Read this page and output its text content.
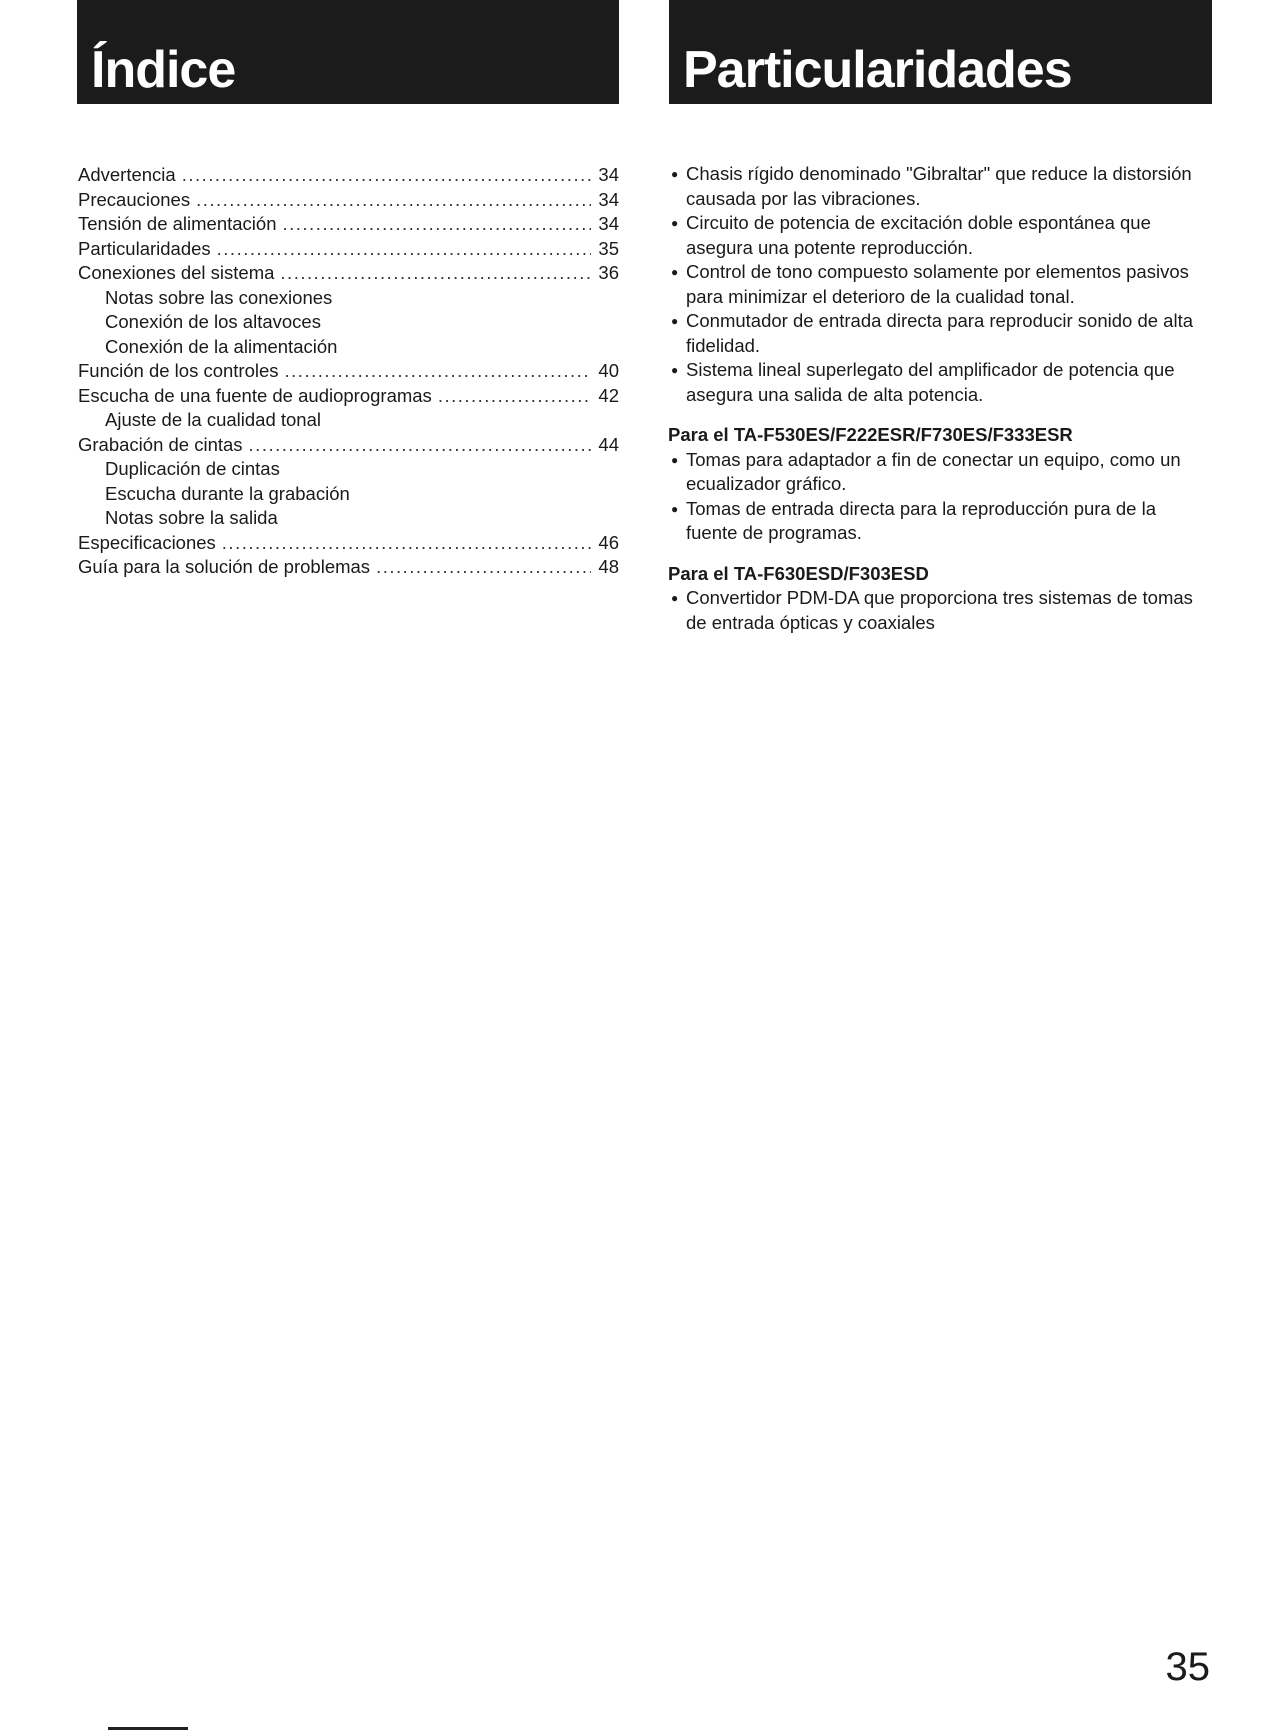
Índice	Particularidades
Advertencia .....	34
Precauciones .....	34
Tensión de alimentación .....	34
Particularidades .....	35
Conexiones del sistema .....	36
Notas sobre las conexiones
Conexión de los altavoces
Conexión de la alimentación
Función de los controles .....	40
Escucha de una fuente de audioprogramas .....	42
Ajuste de la cualidad tonal
Grabación de cintas .....	44
Duplicación de cintas
Escucha durante la grabación
Notas sobre la salida
Especificaciones .....	46
Guía para la solución de problemas .....	48
● Chasis rígido denominado "Gibraltar" que reduce la distorsión causada por las vibraciones.
● Circuito de potencia de excitación doble espontánea que asegura una potente reproducción.
● Control de tono compuesto solamente por elementos pasivos para minimizar el deterioro de la cualidad tonal.
● Conmutador de entrada directa para reproducir sonido de alta fidelidad.
● Sistema lineal superlegato del amplificador de potencia que asegura una salida de alta potencia.

Para el TA-F530ES/F222ESR/F730ES/F333ESR

● Tomas para adaptador a fin de conectar un equipo, como un ecualizador gráfico.
● Tomas de entrada directa para la reproducción pura de la fuente de programas.

Para el TA-F630ESD/F303ESD

● Convertidor PDM-DA que proporciona tres sistemas de tomas de entrada ópticas y coaxiales
35
